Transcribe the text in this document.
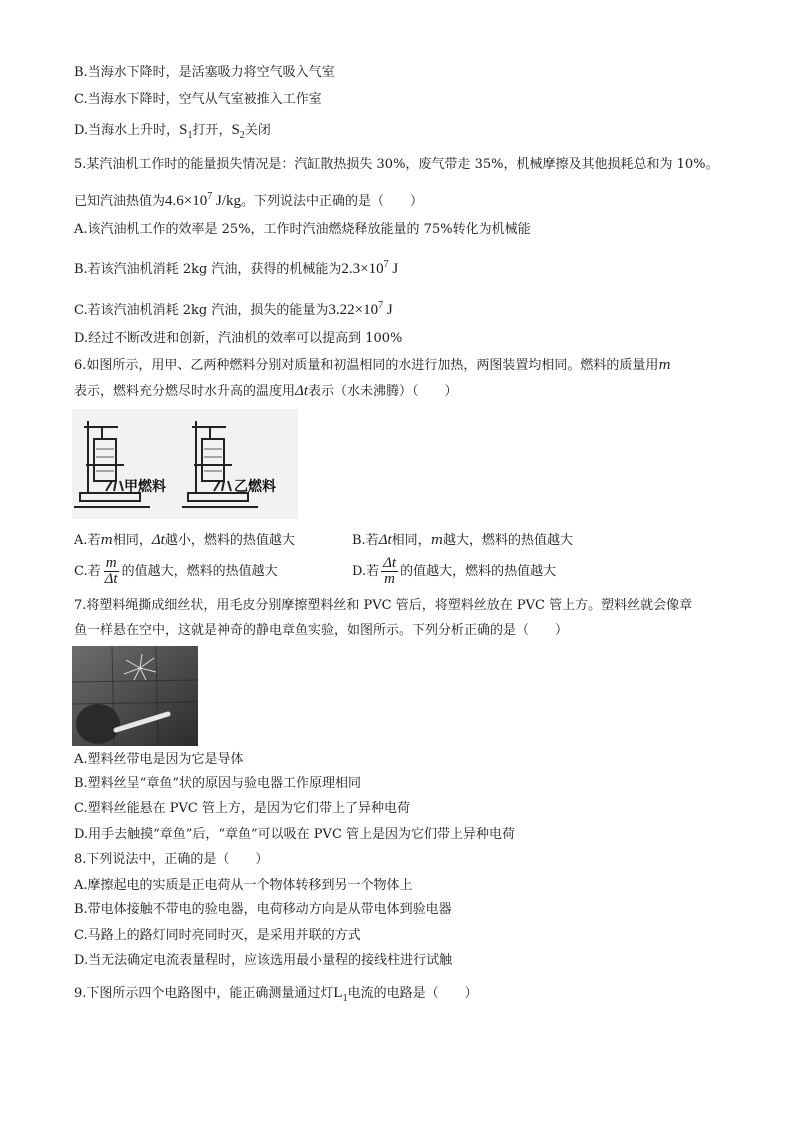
B.当海水下降时，是活塞吸力将空气吸入气室
C.当海水下降时，空气从气室被推入工作室
D.当海水上升时，$S_1$打开，$S_2$关闭
5.某汽油机工作时的能量损失情况是：汽缸散热损失 30%，废气带走 35%，机械摩擦及其他损耗总和为 10%。
已知汽油热值为$4.6\times 10^7$ J/kg。下列说法中正确的是（　　）
A.该汽油机工作的效率是 25%，工作时汽油燃烧释放能量的 75%转化为机械能
B.若该汽油机消耗 2kg 汽油，获得的机械能为$2.3\times 10^7$ J
C.若该汽油机消耗 2kg 汽油，损失的能量为$3.22\times 10^7$ J
D.经过不断改进和创新，汽油机的效率可以提高到 100%
6.如图所示，用甲、乙两种燃料分别对质量和初温相同的水进行加热，两图装置均相同。燃料的质量用m
表示，燃料充分燃尽时水升高的温度用Δt表示（水未沸腾）（　　）
甲燃料	乙燃料
A.若m相同，Δt越小，燃料的热值越大	B.若Δt相同，m越大，燃料的热值越大
C.若 $\frac{m}{\Delta t}$ 的值越大，燃料的热值越大	D.若 $\frac{\Delta t}{m}$ 的值越大，燃料的热值越大
7.将塑料绳撕成细丝状，用毛皮分别摩擦塑料丝和 PVC 管后，将塑料丝放在 PVC 管上方。塑料丝就会像章
鱼一样悬在空中，这就是神奇的静电章鱼实验，如图所示。下列分析正确的是（　　）
A.塑料丝带电是因为它是导体
B.塑料丝呈“章鱼”状的原因与验电器工作原理相同
C.塑料丝能悬在 PVC 管上方，是因为它们带上了异种电荷
D.用手去触摸“章鱼”后，“章鱼”可以吸在 PVC 管上是因为它们带上异种电荷
8.下列说法中，正确的是（　　）
A.摩擦起电的实质是正电荷从一个物体转移到另一个物体上
B.带电体接触不带电的验电器，电荷移动方向是从带电体到验电器
C.马路上的路灯同时亮同时灭，是采用并联的方式
D.当无法确定电流表量程时，应该选用最小量程的接线柱进行试触
9.下图所示四个电路图中，能正确测量通过灯$L_1$电流的电路是（　　）
